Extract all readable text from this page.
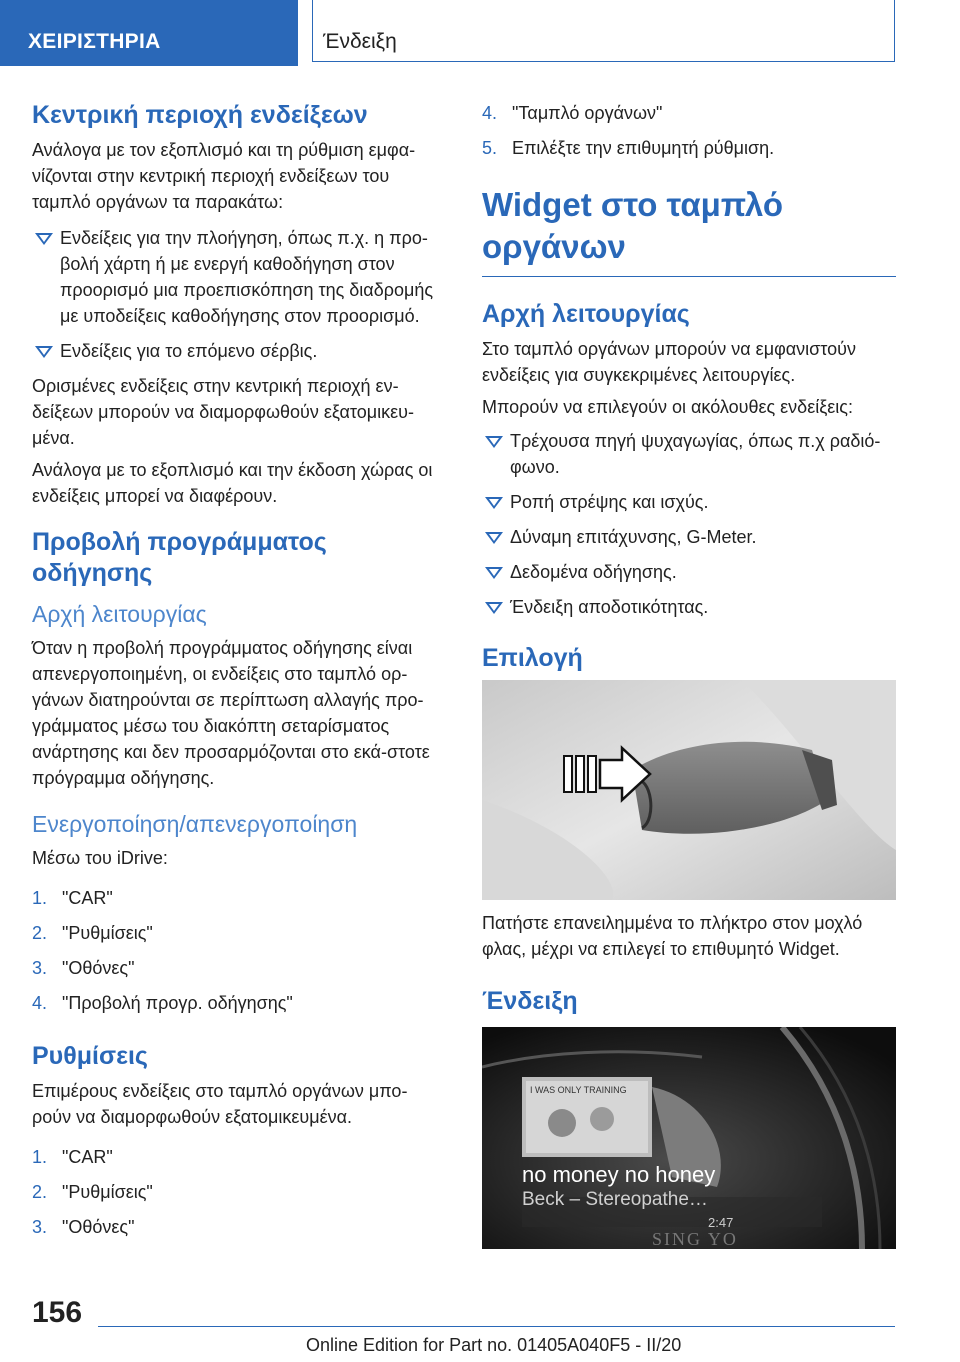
ΧΕΙΡΙΣΤΗΡΙΑ	Ένδειξη
Κεντρική περιοχή ενδείξεων
Ανάλογα με τον εξοπλισμό και τη ρύθμιση εμφα-νίζονται στην κεντρική περιοχή ενδείξεων του ταμπλό οργάνων τα παρακάτω:
Ενδείξεις για την πλοήγηση, όπως π.χ. η προ-βολή χάρτη ή με ενεργή καθοδήγηση στον προορισμό μια προεπισκόπηση της διαδρομής με υποδείξεις καθοδήγησης στον προορισμό.
Ενδείξεις για το επόμενο σέρβις.
Ορισμένες ενδείξεις στην κεντρική περιοχή εν-δείξεων μπορούν να διαμορφωθούν εξατομικευ-μένα.
Ανάλογα με το εξοπλισμό και την έκδοση χώρας οι ενδείξεις μπορεί να διαφέρουν.
Προβολή προγράμματος οδήγησης
Αρχή λειτουργίας
Όταν η προβολή προγράμματος οδήγησης είναι απενεργοποιημένη, οι ενδείξεις στο ταμπλό ορ-γάνων διατηρούνται σε περίπτωση αλλαγής προ-γράμματος μέσω του διακόπτη σεταρίσματος ανάρτησης και δεν προσαρμόζονται στο εκά-στοτε πρόγραμμα οδήγησης.
Ενεργοποίηση/απενεργοποίηση
Μέσω του iDrive:
1. "CAR"
2. "Ρυθμίσεις"
3. "Οθόνες"
4. "Προβολή προγρ. οδήγησης"
Ρυθμίσεις
Επιμέρους ενδείξεις στο ταμπλό οργάνων μπο-ρούν να διαμορφωθούν εξατομικευμένα.
1. "CAR"
2. "Ρυθμίσεις"
3. "Οθόνες"
4. "Ταμπλό οργάνων"
5. Επιλέξτε την επιθυμητή ρύθμιση.
Widget στο ταμπλό οργάνων
Αρχή λειτουργίας
Στο ταμπλό οργάνων μπορούν να εμφανιστούν ενδείξεις για συγκεκριμένες λειτουργίες.
Μπορούν να επιλεγούν οι ακόλουθες ενδείξεις:
Τρέχουσα πηγή ψυχαγωγίας, όπως π.χ ραδιό-φωνο.
Ροπή στρέψης και ισχύς.
Δύναμη επιτάχυνσης, G-Meter.
Δεδομένα οδήγησης.
Ένδειξη αποδοτικότητας.
Επιλογή
Πατήστε επανειλημμένα το πλήκτρο στον μοχλό φλας, μέχρι να επιλεγεί το επιθυμητό Widget.
Ένδειξη
I WAS ONLY TRAINING
no money no honey
Beck – Stereopathe…
2:47
SING YO
156
Online Edition for Part no. 01405A040F5 - II/20
